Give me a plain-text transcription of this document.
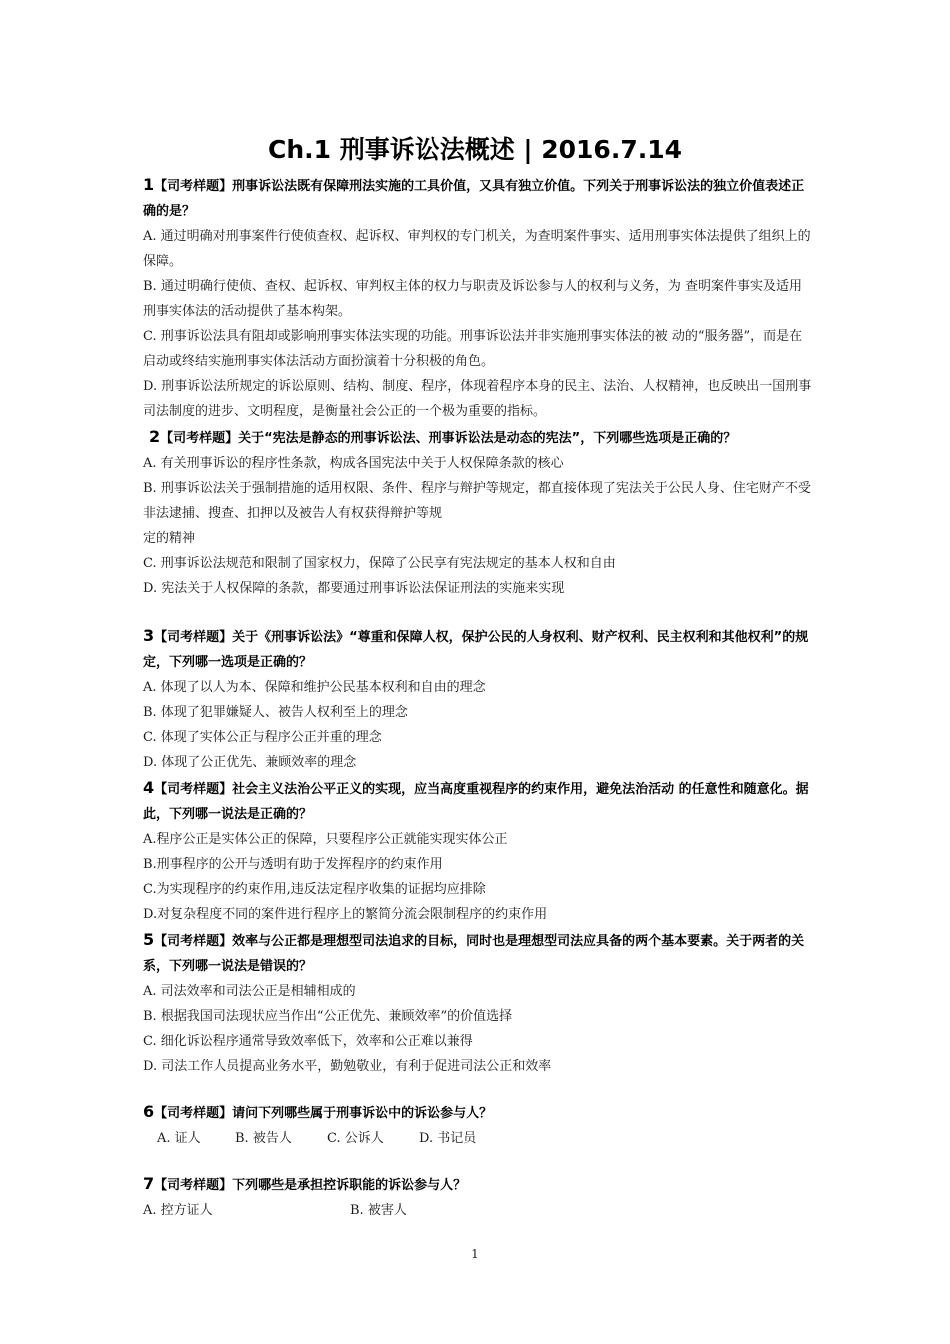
Ch.1 刑事诉讼法概述 | 2016.7.14

1【司考样题】刑事诉讼法既有保障刑法实施的工具价值，又具有独立价值。下列关于刑事诉讼法的独立价值表述正确的是？

A. 通过明确对刑事案件行使侦查权、起诉权、审判权的专门机关，为查明案件事实、适用刑事实体法提供了组织上的保障。

B. 通过明确行使侦、查权、起诉权、审判权主体的权力与职责及诉讼参与人的权利与义务，为 查明案件事实及适用刑事实体法的活动提供了基本构架。

C. 刑事诉讼法具有阻却或影响刑事实体法实现的功能。刑事诉讼法并非实施刑事实体法的被 动的“服务器”，而是在启动或终结实施刑事实体法活动方面扮演着十分积极的角色。

D. 刑事诉讼法所规定的诉讼原则、结构、制度、程序，体现着程序本身的民主、法治、人权精神，也反映出一国刑事司法制度的进步、文明程度，是衡量社会公正的一个极为重要的指标。

2【司考样题】关于“宪法是静态的刑事诉讼法、刑事诉讼法是动态的宪法”，下列哪些选项是正确的？

A. 有关刑事诉讼的程序性条款，构成各国宪法中关于人权保障条款的核心

B. 刑事诉讼法关于强制措施的适用权限、条件、程序与辩护等规定，都直接体现了宪法关于公民人身、住宅财产不受非法逮捕、搜查、扣押以及被告人有权获得辩护等规

定的精神

C. 刑事诉讼法规范和限制了国家权力，保障了公民享有宪法规定的基本人权和自由

D. 宪法关于人权保障的条款，都要通过刑事诉讼法保证刑法的实施来实现

3【司考样题】关于《刑事诉讼法》“尊重和保障人权，保护公民的人身权利、财产权利、民主权利和其他权利”的规定，下列哪一选项是正确的？

A. 体现了以人为本、保障和维护公民基本权利和自由的理念

B. 体现了犯罪嫌疑人、被告人权利至上的理念

C. 体现了实体公正与程序公正并重的理念

D. 体现了公正优先、兼顾效率的理念

4【司考样题】社会主义法治公平正义的实现，应当高度重视程序的约束作用，避免法治活动 的任意性和随意化。据此，下列哪一说法是正确的？

A.程序公正是实体公正的保障，只要程序公正就能实现实体公正

B.刑事程序的公开与透明有助于发挥程序的约束作用

C.为实现程序的约束作用,违反法定程序收集的证据均应排除

D.对复杂程度不同的案件进行程序上的繁简分流会限制程序的约束作用

5【司考样题】效率与公正都是理想型司法追求的目标，同时也是理想型司法应具备的两个基本要素。关于两者的关系，下列哪一说法是错误的？

A. 司法效率和司法公正是相辅相成的

B. 根据我国司法现状应当作出“公正优先、兼顾效率”的价值选择

C. 细化诉讼程序通常导致效率低下，效率和公正难以兼得

D. 司法工作人员提高业务水平，勤勉敬业，有利于促进司法公正和效率

6【司考样题】请问下列哪些属于刑事诉讼中的诉讼参与人？

A. 证人	B. 被告人	C. 公诉人	D. 书记员

7【司考样题】下列哪些是承担控诉职能的诉讼参与人？

A. 控方证人	B. 被害人

1
